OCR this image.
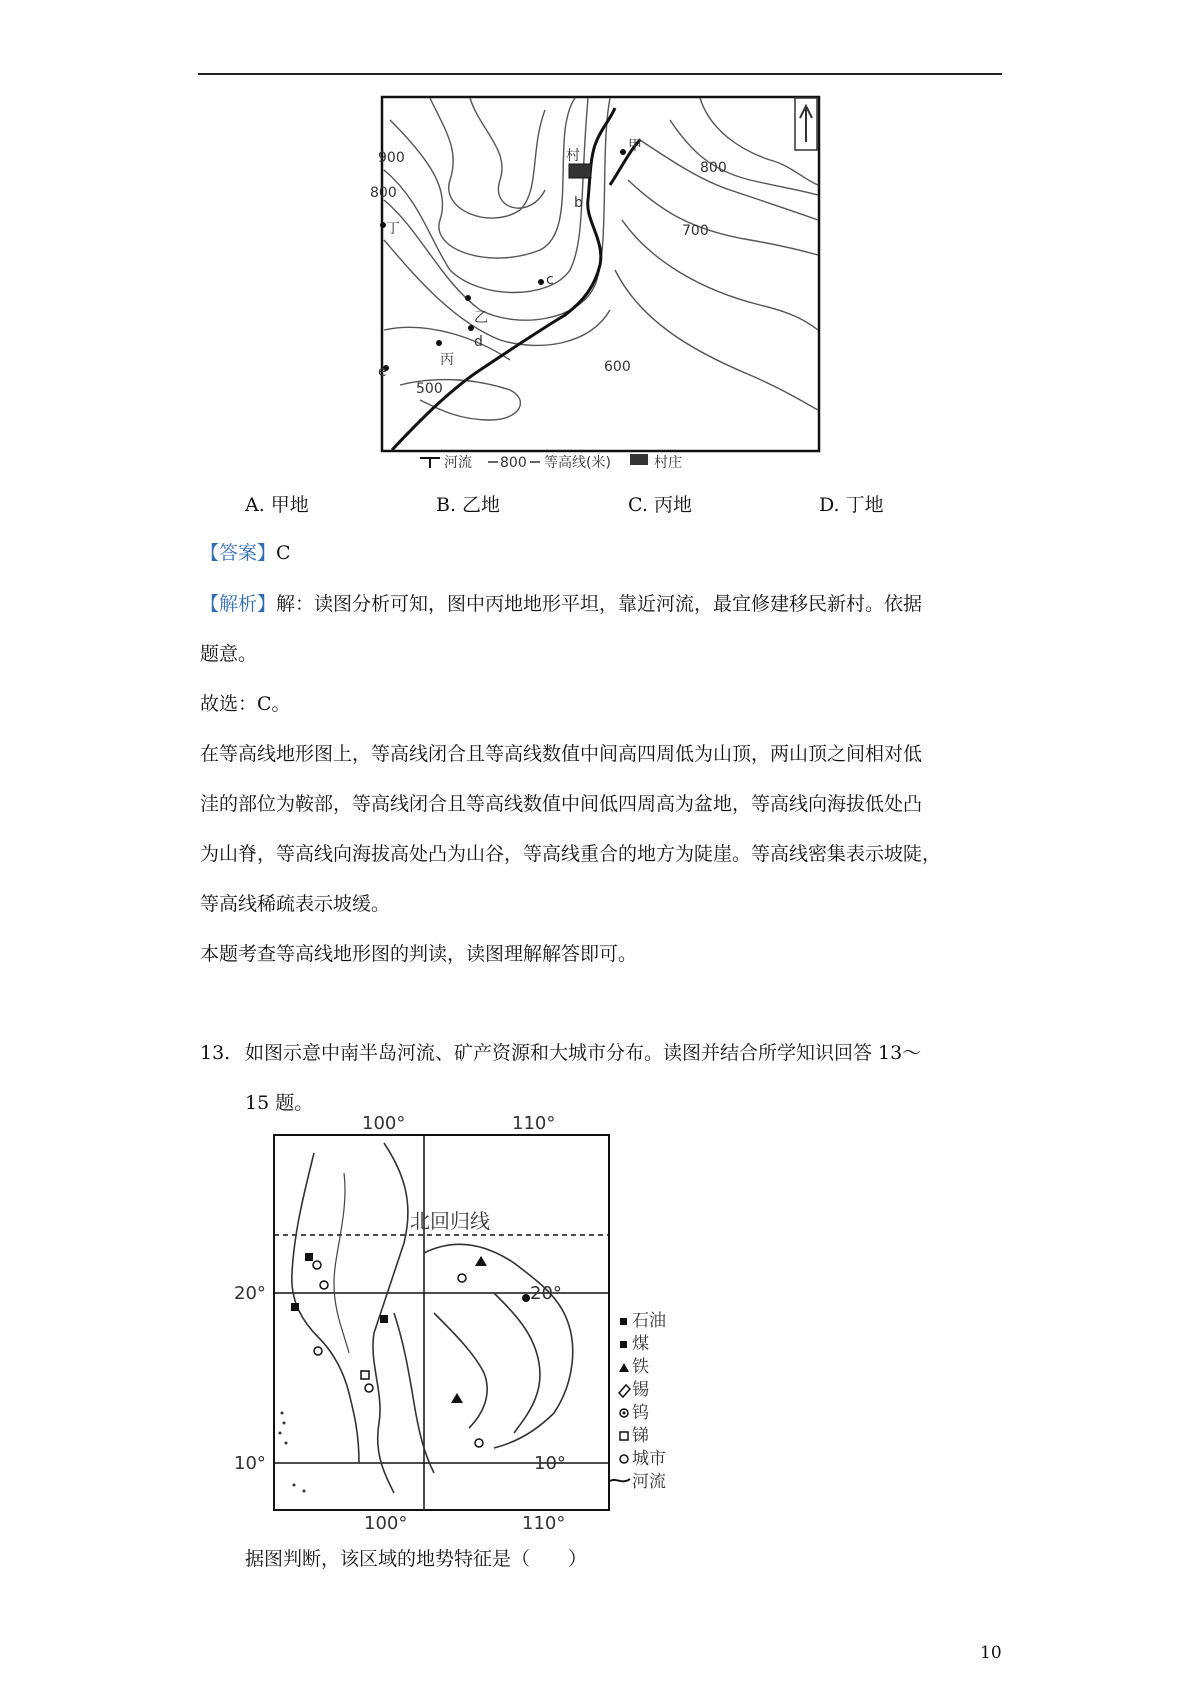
900
800
800
700
600
500
甲
乙
丙
丁
b
c
d
e
村
河流 800 等高线(米)	村庄
A. 甲地	B. 乙地	C. 丙地	D. 丁地
【答案】C
【解析】解：读图分析可知，图中丙地地形平坦，靠近河流，最宜修建移民新村。依据
题意。
故选：C。
在等高线地形图上，等高线闭合且等高线数值中间高四周低为山顶，两山顶之间相对低
洼的部位为鞍部，等高线闭合且等高线数值中间低四周高为盆地，等高线向海拔低处凸
为山脊，等高线向海拔高处凸为山谷，等高线重合的地方为陡崖。等高线密集表示坡陡，
等高线稀疏表示坡缓。
本题考查等高线地形图的判读，读图理解解答即可。
13. 如图示意中南半岛河流、矿产资源和大城市分布。读图并结合所学知识回答 13～
15 题。
100°	110°
100°	110°
20°
10°
20°
10°
北回归线
石油
煤
铁
锡
钨
锑
城市
河流
据图判断，该区域的地势特征是（　　）
10
